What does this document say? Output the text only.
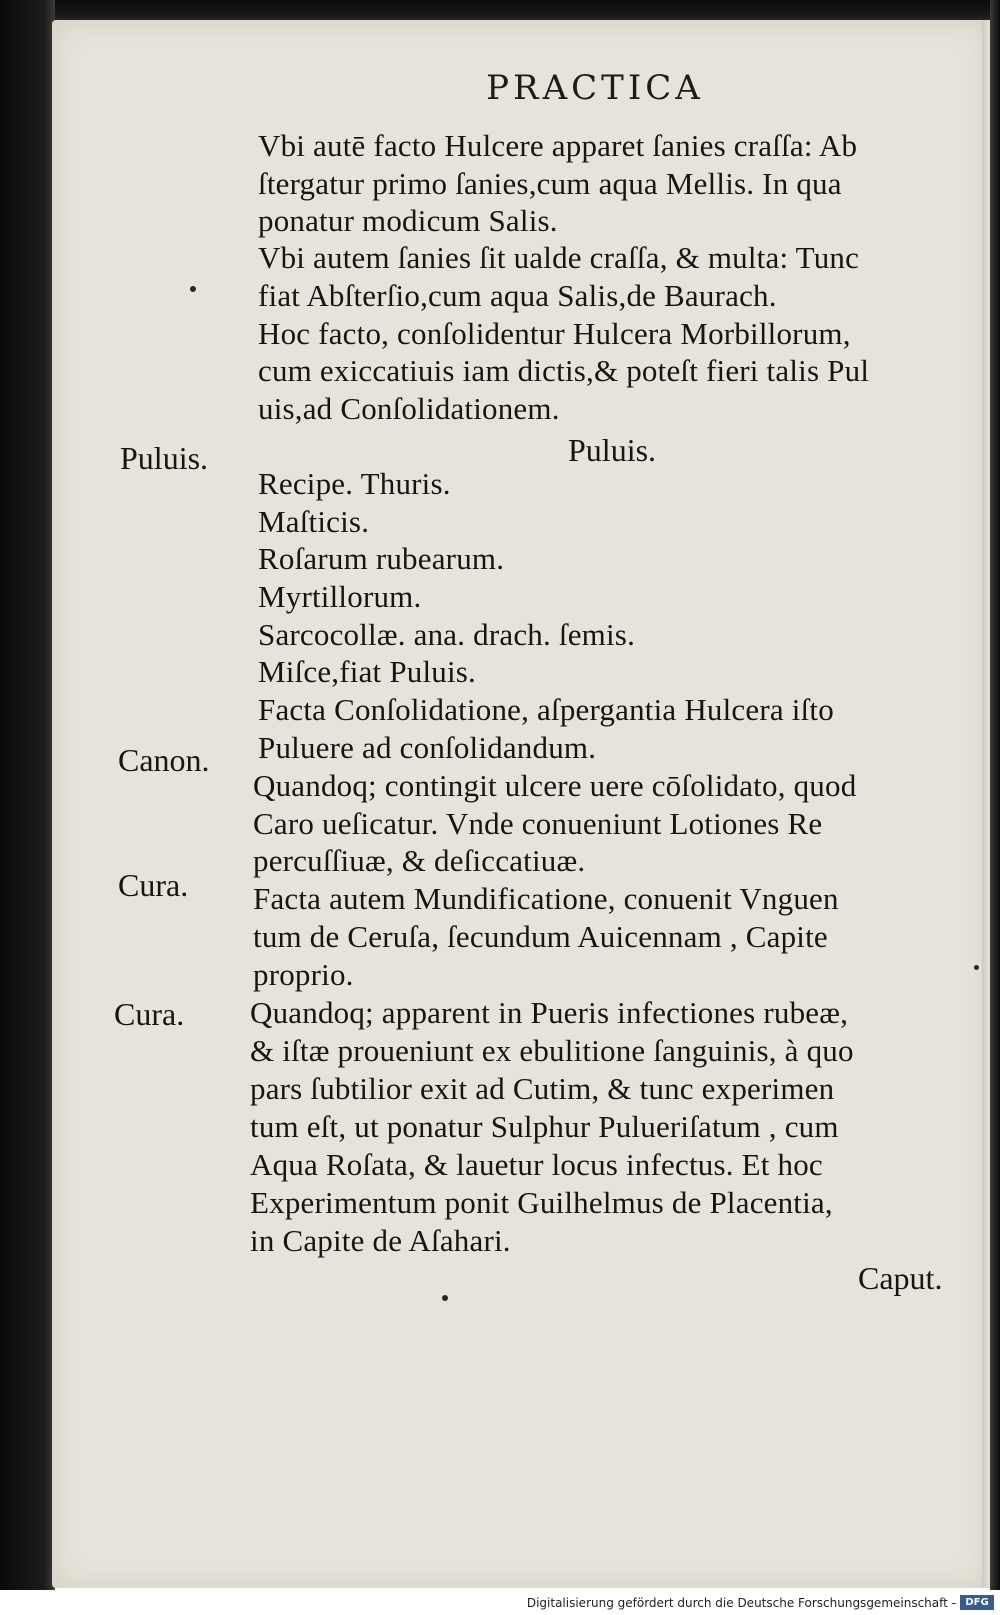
PRACTICA
Vbi autē facto Hulcere apparet ſanies craſſa: Ab
ſtergatur primo ſanies,cum aqua Mellis. In qua
ponatur modicum Salis.
Vbi autem ſanies ſit ualde craſſa, & multa: Tunc
fiat Abſterſio,cum aqua Salis,de Baurach.
Hoc facto, conſolidentur Hulcera Morbillorum,
cum exiccatiuis iam dictis,& poteſt fieri talis Pul
uis,ad Conſolidationem.
Puluis.
Recipe. Thuris.
Maſticis.
Roſarum rubearum.
Myrtillorum.
Sarcocollæ. ana. drach. ſemis.
Miſce,fiat Puluis.
Facta Conſolidatione, aſpergantia Hulcera iſto
Puluere ad conſolidandum.
Quandoq; contingit ulcere uere cōſolidato, quod
Caro ueſicatur. Vnde conueniunt Lotiones Re
percuſſiuæ, & deſiccatiuæ.
Facta autem Mundificatione, conuenit Vnguen
tum de Ceruſa, ſecundum Auicennam , Capite
proprio.
Quandoq; apparent in Pueris infectiones rubeæ,
& iſtæ proueniunt ex ebulitione ſanguinis, à quo
pars ſubtilior exit ad Cutim, & tunc experimen
tum eſt, ut ponatur Sulphur Pulueriſatum , cum
Aqua Roſata, & lauetur locus infectus. Et hoc
Experimentum ponit Guilhelmus de Placentia,
in Capite de Aſahari.
Puluis.
Canon.
Cura.
Cura.
Caput.
Digitalisierung gefördert durch die Deutsche Forschungsgemeinschaft - DFG
